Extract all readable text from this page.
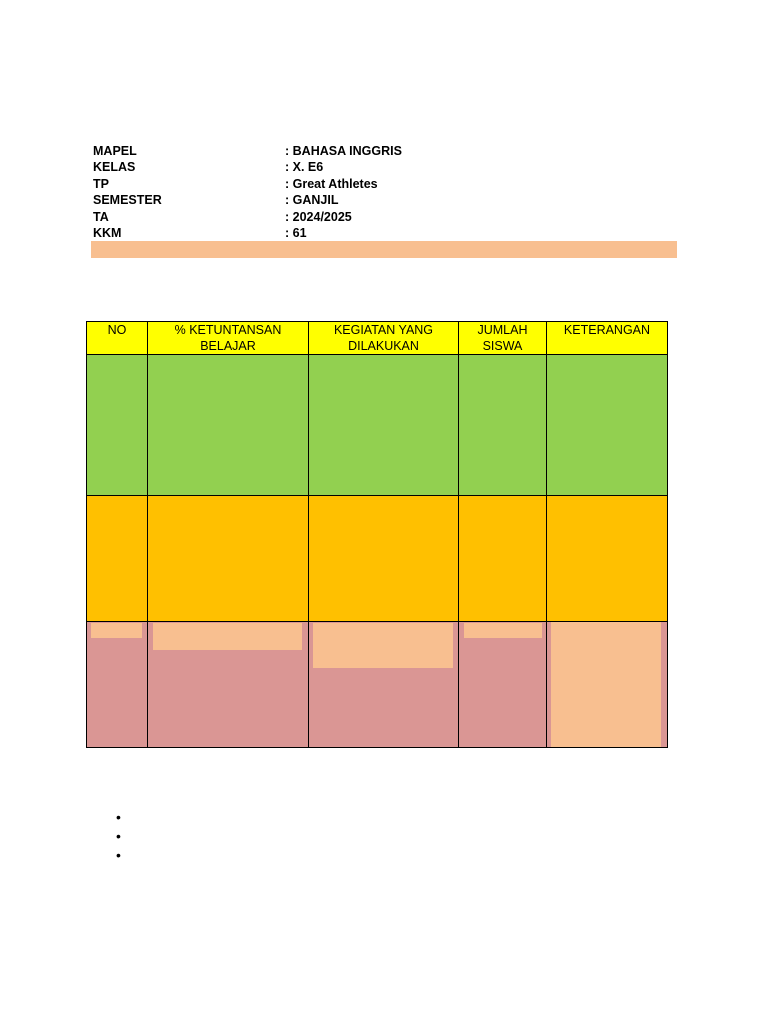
MAPEL	: BAHASA INGGRIS
KELAS	: X. E6
TP	: Great Athletes
SEMESTER	: GANJIL
TA	: 2024/2025
KKM	: 61
NO	% KETUNTANSAN BELAJAR	KEGIATAN YANG DILAKUKAN	JUMLAH SISWA	KETERANGAN

•
•
•
